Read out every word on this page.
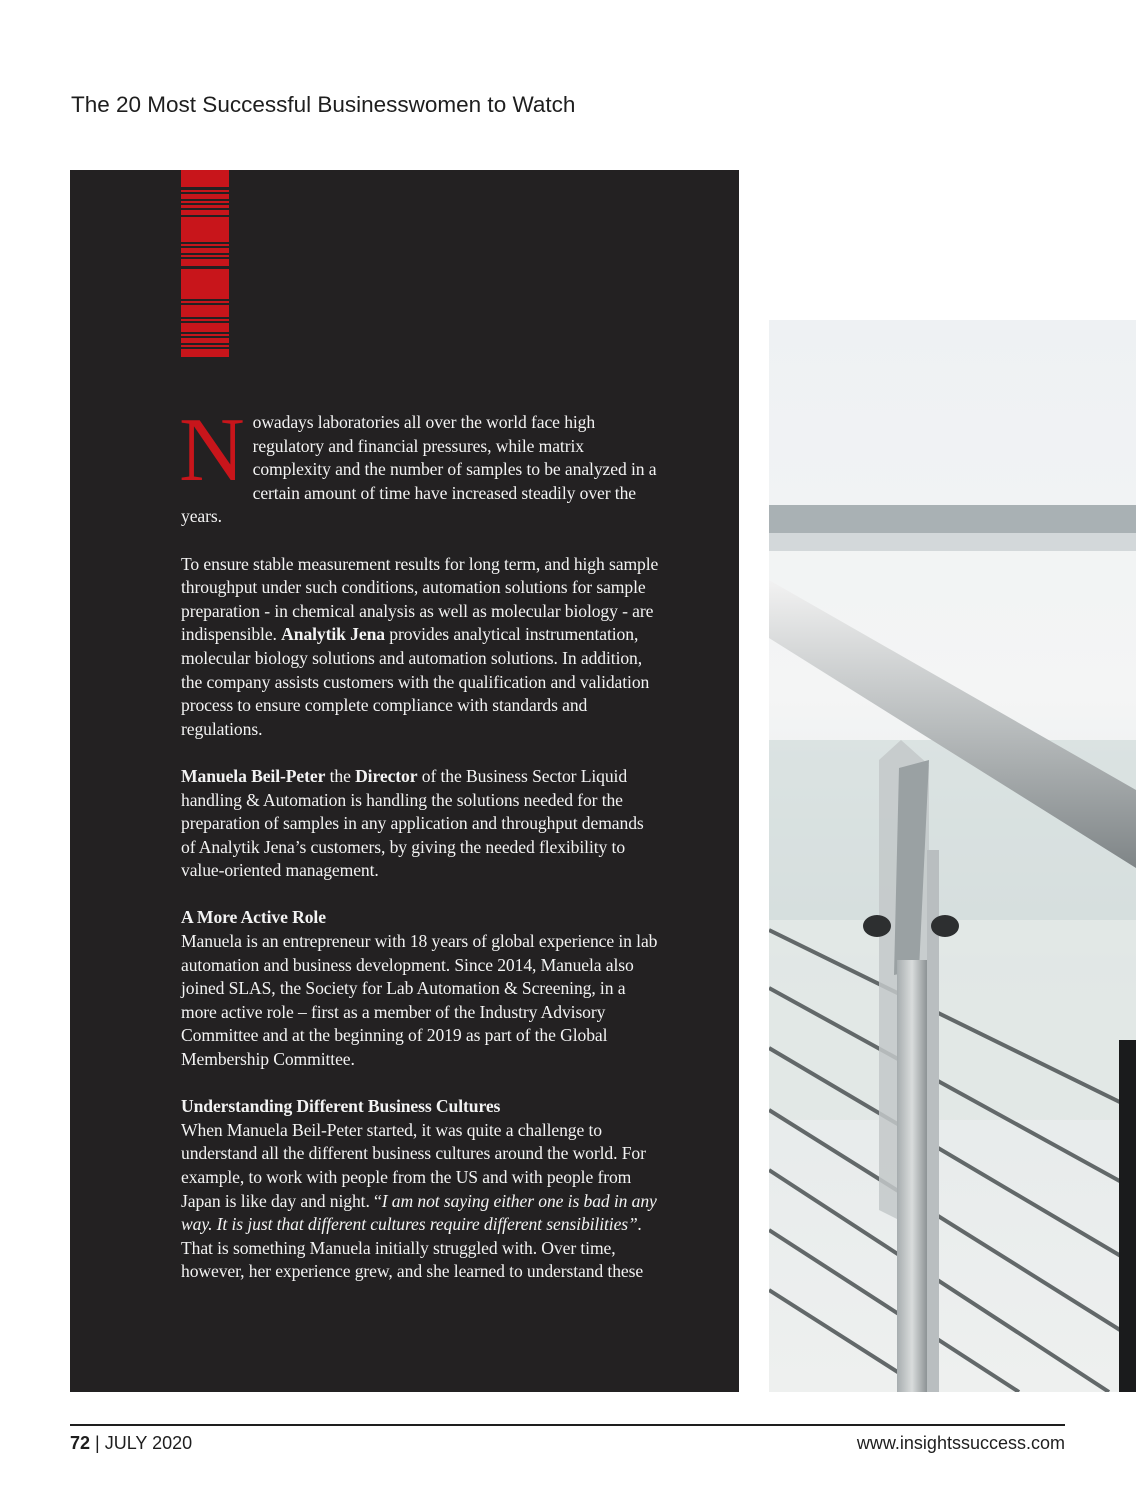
The 20 Most Successful Businesswomen to Watch

Nowadays laboratories all over the world face high regulatory and financial pressures, while matrix complexity and the number of samples to be analyzed in a certain amount of time have increased steadily over the years.

To ensure stable measurement results for long term, and high sample throughput under such conditions, automation solutions for sample preparation - in chemical analysis as well as molecular biology - are indispensible. Analytik Jena provides analytical instrumentation, molecular biology solutions and automation solutions. In addition, the company assists customers with the qualification and validation process to ensure complete compliance with standards and regulations.

Manuela Beil-Peter the Director of the Business Sector Liquid handling & Automation is handling the solutions needed for the preparation of samples in any application and throughput demands of Analytik Jena’s customers, by giving the needed flexibility to value-oriented management.

A More Active Role
Manuela is an entrepreneur with 18 years of global experience in lab automation and business development. Since 2014, Manuela also joined SLAS, the Society for Lab Automation & Screening, in a more active role – first as a member of the Industry Advisory Committee and at the beginning of 2019 as part of the Global Membership Committee.

Understanding Different Business Cultures
When Manuela Beil-Peter started, it was quite a challenge to understand all the different business cultures around the world. For example, to work with people from the US and with people from Japan is like day and night. “I am not saying either one is bad in any way. It is just that different cultures require different sensibilities”. That is something Manuela initially struggled with. Over time, however, her experience grew, and she learned to understand these

72 | JULY 2020	www.insightssuccess.com
